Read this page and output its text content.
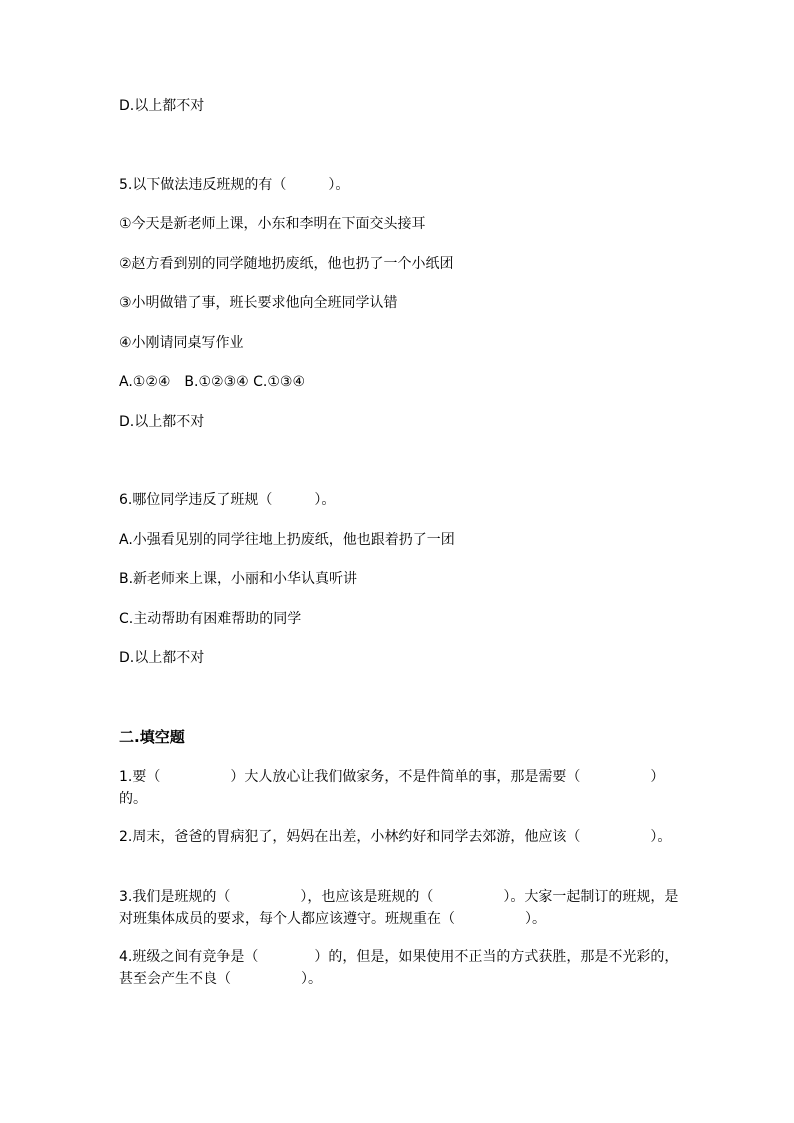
D.以上都不对
5.以下做法违反班规的有（　　　）。
①今天是新老师上课，小东和李明在下面交头接耳
②赵方看到别的同学随地扔废纸，他也扔了一个小纸团
③小明做错了事，班长要求他向全班同学认错
④小刚请同桌写作业
A.①②④　B.①②③④ C.①③④
D.以上都不对
6.哪位同学违反了班规（　　　）。
A.小强看见别的同学往地上扔废纸，他也跟着扔了一团
B.新老师来上课，小丽和小华认真听讲
C.主动帮助有困难帮助的同学
D.以上都不对
二.填空题
1.要（　　　　　）大人放心让我们做家务，不是件简单的事，那是需要（　　　　　）的。
2.周末，爸爸的胃病犯了，妈妈在出差，小林约好和同学去郊游，他应该（　　　　　）。
3.我们是班规的（　　　　　），也应该是班规的（　　　　　）。大家一起制订的班规，是对班集体成员的要求，每个人都应该遵守。班规重在（　　　　　）。
4.班级之间有竞争是（　　　　）的，但是，如果使用不正当的方式获胜，那是不光彩的，甚至会产生不良（　　　　　）。
